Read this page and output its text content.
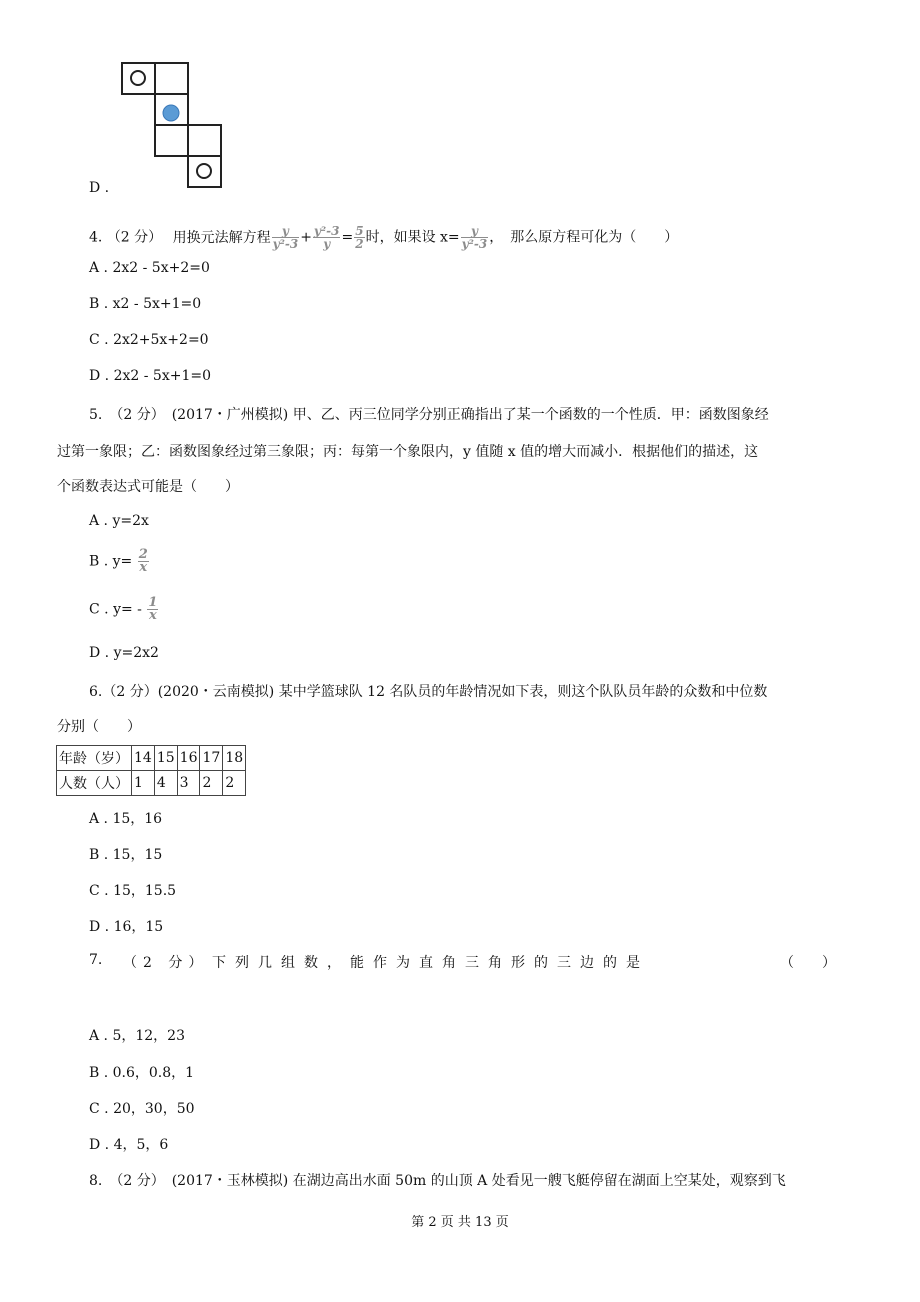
D .
4. （2 分） 用换元法解方程 $\frac{y}{\text{y²-3}} + \frac{\text{y²-3}}{y} = \frac{5}{2}$ 时，如果设 $x= \frac{y}{\text{y²-3}}$ ，　那么原方程可化为（　　）
A . 2x2 - 5x+2=0
B . x2 - 5x+1=0
C . 2x2+5x+2=0
D . 2x2 - 5x+1=0
5.　（2 分）　(2017・广州模拟) 甲、乙、丙三位同学分别正确指出了某一个函数的一个性质．甲：函数图象经
过第一象限；乙：函数图象经过第三象限；丙：每第一个象限内，y 值随 x 值的增大而减小．根据他们的描述，这
个函数表达式可能是（　　）
A . y=2x
B . $y= \frac{2}{x}$
C . $y= - \frac{1}{x}$
D . y=2x2
6.（2 分）(2020・云南模拟) 某中学篮球队 12 名队员的年龄情况如下表，则这个队队员年龄的众数和中位数
分别（　　）
年龄（岁）	14	15	16	17	18
人数（人）	1	4	3	2	2
A . 15，16
B . 15，15
C . 15，15.5
D . 16，15
7. （2 分） 下列几组数，能作为直角三角形的三边的是	（　　）
A . 5，12，23
B . 0.6，0.8，1
C . 20，30，50
D . 4，5，6
8.　（2 分）　(2017・玉林模拟) 在湖边高出水面 50m 的山顶 A 处看见一艘飞艇停留在湖面上空某处，观察到飞
第 2 页 共 13 页
